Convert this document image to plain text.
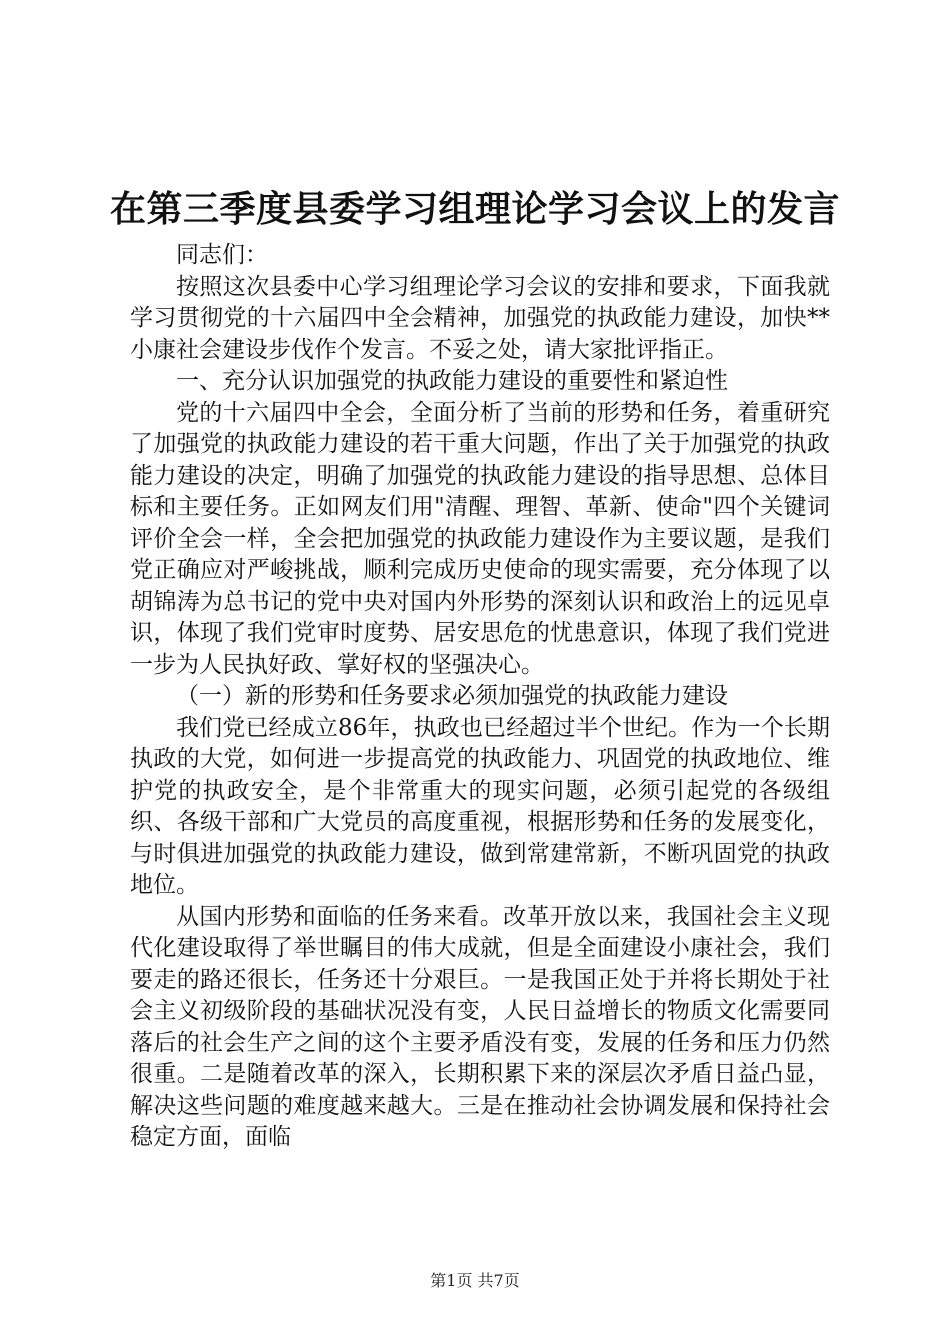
在第三季度县委学习组理论学习会议上的发言

同志们：

按照这次县委中心学习组理论学习会议的安排和要求，下面我就学习贯彻党的十六届四中全会精神，加强党的执政能力建设，加快**小康社会建设步伐作个发言。不妥之处，请大家批评指正。

一、充分认识加强党的执政能力建设的重要性和紧迫性

党的十六届四中全会，全面分析了当前的形势和任务，着重研究了加强党的执政能力建设的若干重大问题，作出了关于加强党的执政能力建设的决定，明确了加强党的执政能力建设的指导思想、总体目标和主要任务。正如网友们用"清醒、理智、革新、使命"四个关键词评价全会一样，全会把加强党的执政能力建设作为主要议题，是我们党正确应对严峻挑战，顺利完成历史使命的现实需要，充分体现了以胡锦涛为总书记的党中央对国内外形势的深刻认识和政治上的远见卓识，体现了我们党审时度势、居安思危的忧患意识，体现了我们党进一步为人民执好政、掌好权的坚强决心。

（一）新的形势和任务要求必须加强党的执政能力建设

我们党已经成立86年，执政也已经超过半个世纪。作为一个长期执政的大党，如何进一步提高党的执政能力、巩固党的执政地位、维护党的执政安全，是个非常重大的现实问题，必须引起党的各级组织、各级干部和广大党员的高度重视，根据形势和任务的发展变化，与时俱进加强党的执政能力建设，做到常建常新，不断巩固党的执政地位。

从国内形势和面临的任务来看。改革开放以来，我国社会主义现代化建设取得了举世瞩目的伟大成就，但是全面建设小康社会，我们要走的路还很长，任务还十分艰巨。一是我国正处于并将长期处于社会主义初级阶段的基础状况没有变，人民日益增长的物质文化需要同落后的社会生产之间的这个主要矛盾没有变，发展的任务和压力仍然很重。二是随着改革的深入，长期积累下来的深层次矛盾日益凸显，解决这些问题的难度越来越大。三是在推动社会协调发展和保持社会稳定方面，面临

第1页 共7页
